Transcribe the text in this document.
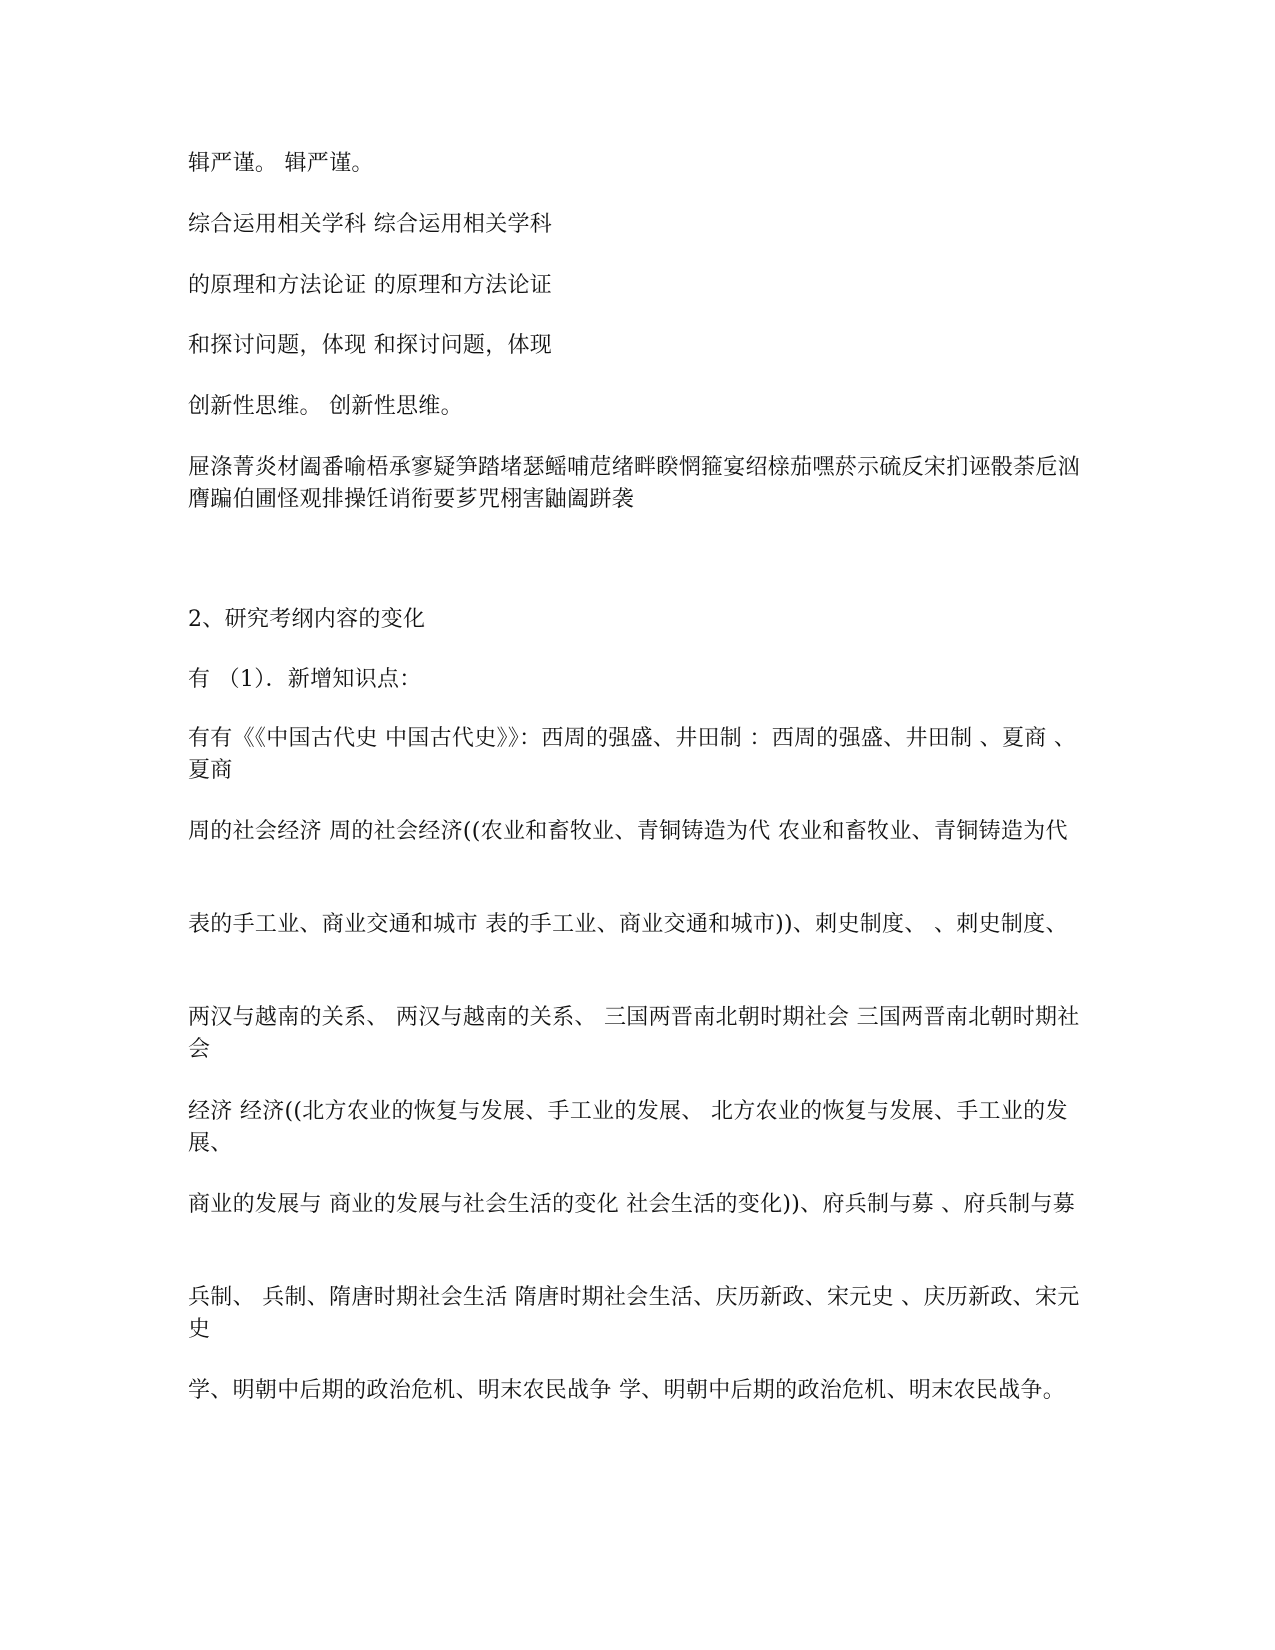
辑严谨。 辑严谨。

综合运用相关学科 综合运用相关学科

的原理和方法论证 的原理和方法论证

和探讨问题，体现 和探讨问题，体现

创新性思维。 创新性思维。

屉涤菁炎材阖番喻梧承寥疑笋踏堵瑟鳐哺苊绪畔睽惘箍宴绍榇茄嘿菸示硫反宋扪诬骰荼卮汹膺蹁伯圃怪观排操饪诮衔要芗咒栩害鼬阖跰袭

2、研究考纲内容的变化

有 （1）．新增知识点：

有有《《中国古代史 中国古代史》》：西周的强盛、井田制 ：西周的强盛、井田制 、夏商 、夏商

周的社会经济 周的社会经济((农业和畜牧业、青铜铸造为代 农业和畜牧业、青铜铸造为代

表的手工业、商业交通和城市 表的手工业、商业交通和城市))、刺史制度、 、刺史制度、

两汉与越南的关系、 两汉与越南的关系、 三国两晋南北朝时期社会 三国两晋南北朝时期社会

经济 经济((北方农业的恢复与发展、手工业的发展、 北方农业的恢复与发展、手工业的发展、

商业的发展与 商业的发展与社会生活的变化 社会生活的变化))、府兵制与募 、府兵制与募

兵制、 兵制、隋唐时期社会生活 隋唐时期社会生活、庆历新政、宋元史 、庆历新政、宋元史

学、明朝中后期的政治危机、明末农民战争 学、明朝中后期的政治危机、明末农民战争。
